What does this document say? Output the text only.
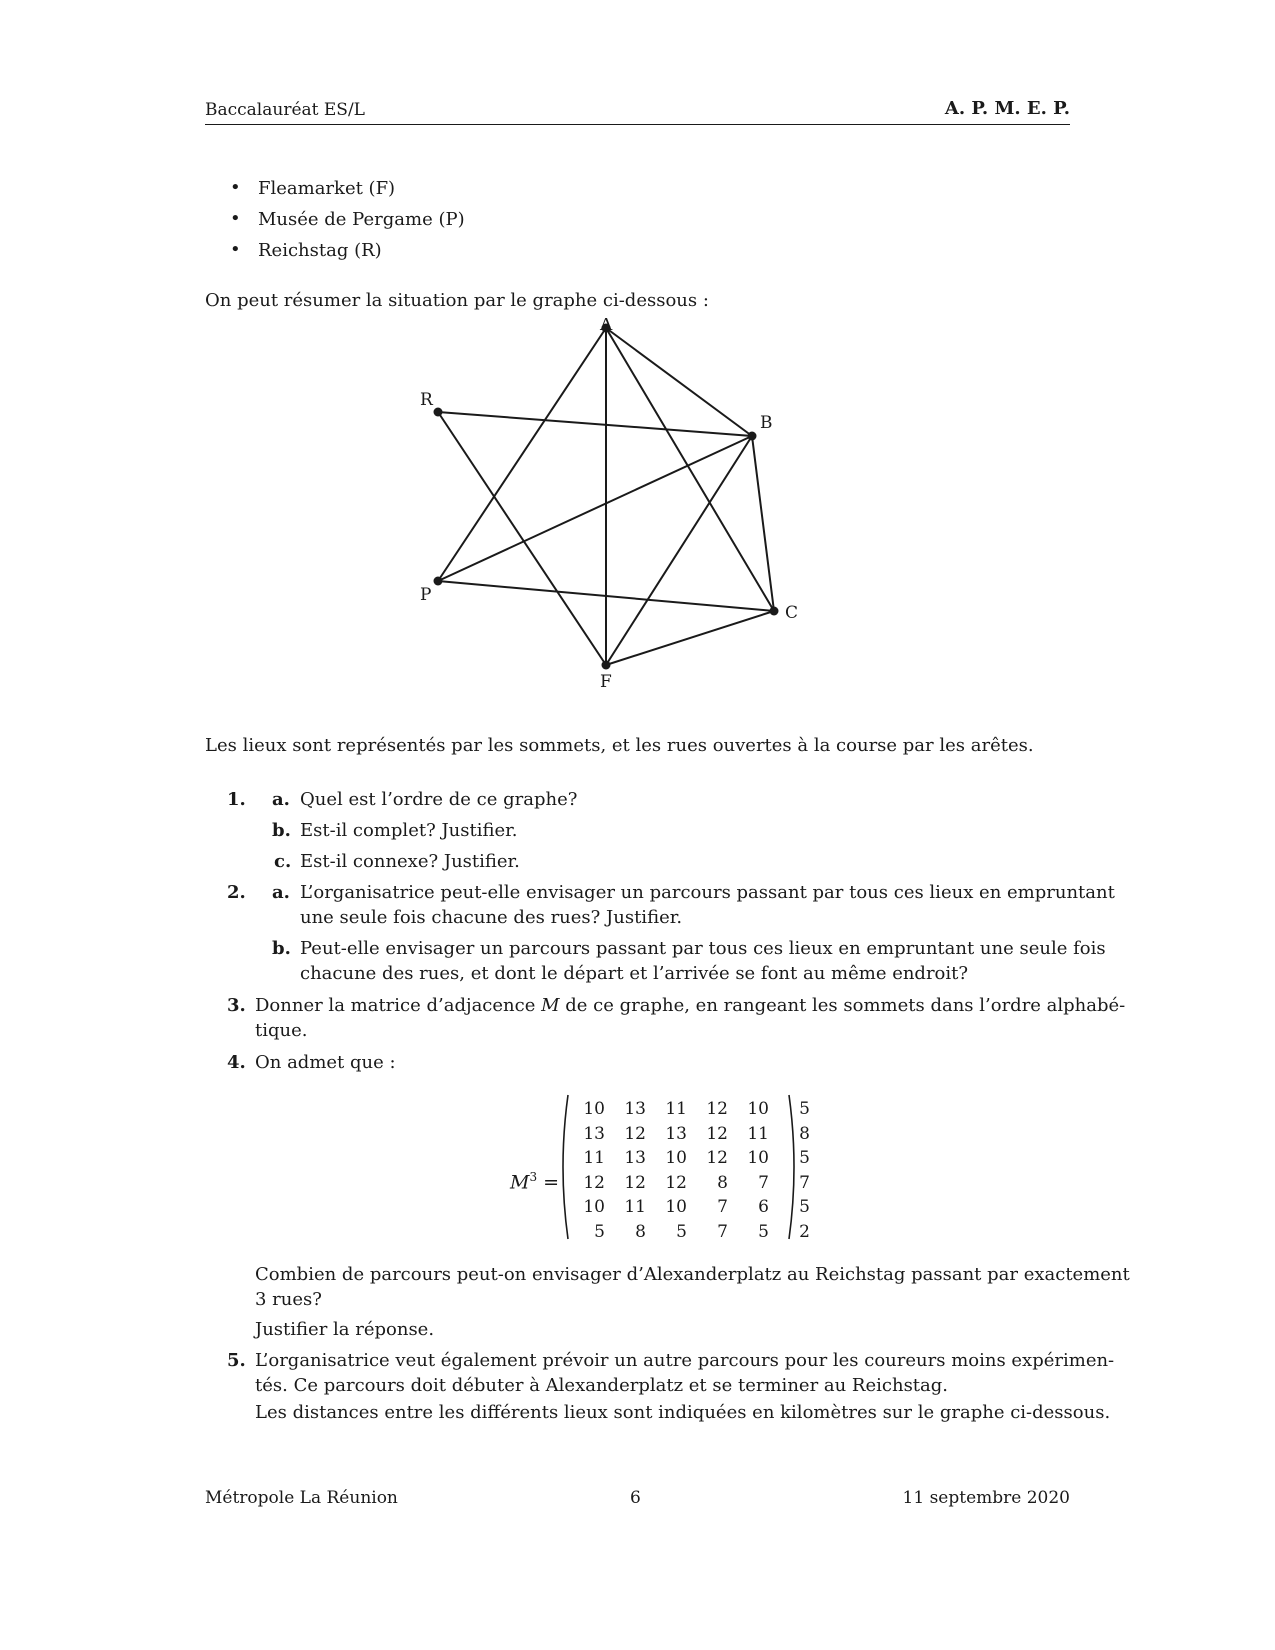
Baccalauréat ES/L	A. P. M. E. P.
• Fleamarket (F)
• Musée de Pergame (P)
• Reichstag (R)

On peut résumer la situation par le graphe ci-dessous :

A
B
C
F
P
R

Les lieux sont représentés par les sommets, et les rues ouvertes à la course par les arêtes.

1. a. Quel est l’ordre de ce graphe?

b. Est-il complet? Justifier.

c. Est-il connexe? Justifier.

2. a. L’organisatrice peut-elle envisager un parcours passant par tous ces lieux en empruntant

une seule fois chacune des rues? Justifier.

b. Peut-elle envisager un parcours passant par tous ces lieux en empruntant une seule fois

chacune des rues, et dont le départ et l’arrivée se font au même endroit?

3. Donner la matrice d’adjacence M de ce graphe, en rangeant les sommets dans l’ordre alphabé-

tique.

4. On admet que :

$M^3$ =
10	13	11	12	10	5
13	12	13	12	11	8
11	13	10	12	10	5
12	12	12	8	7	7
10	11	10	7	6	5
5	8	5	7	5	2

Combien de parcours peut-on envisager d’Alexanderplatz au Reichstag passant par exactement

3 rues?

Justifier la réponse.

5. L’organisatrice veut également prévoir un autre parcours pour les coureurs moins expérimen-

tés. Ce parcours doit débuter à Alexanderplatz et se terminer au Reichstag.

Les distances entre les différents lieux sont indiquées en kilomètres sur le graphe ci-dessous.

Métropole La Réunion	6	11 septembre 2020
